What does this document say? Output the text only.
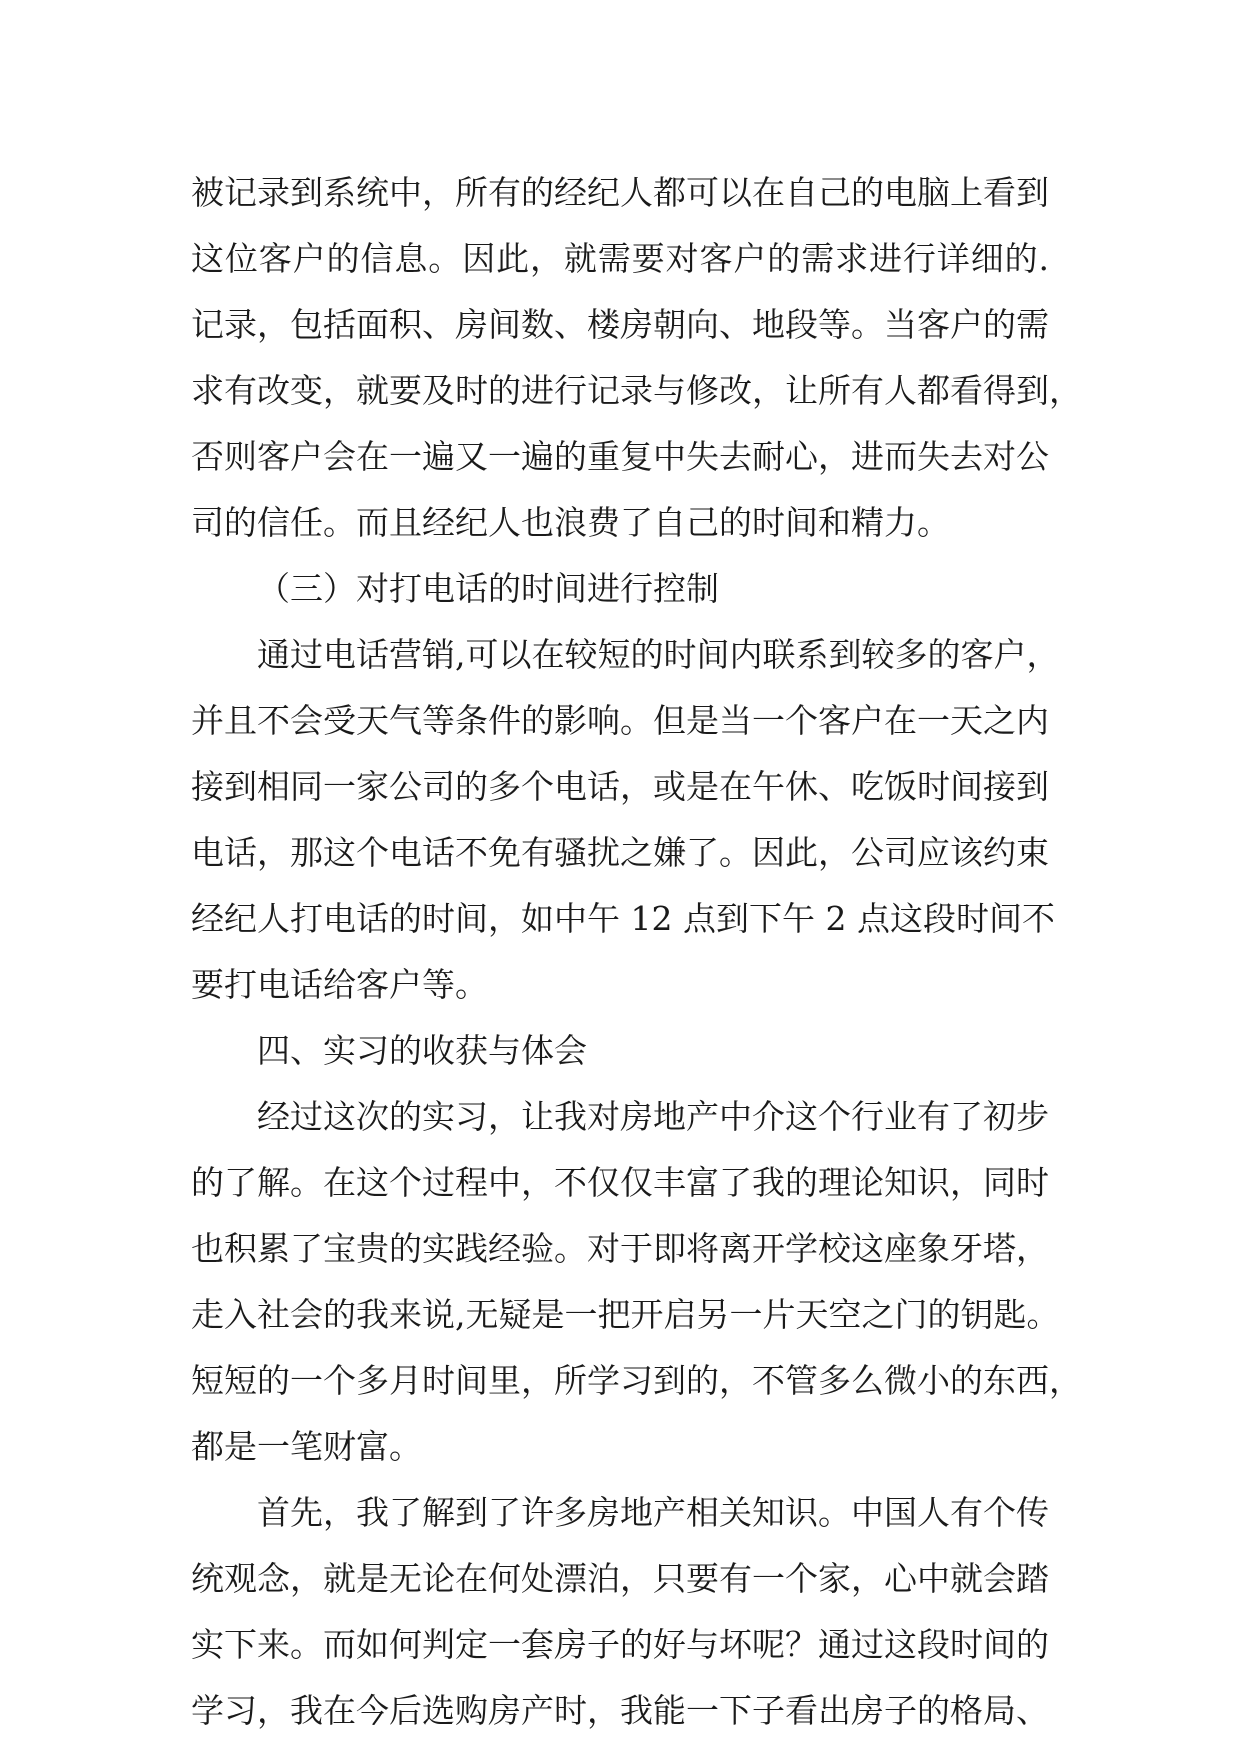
被记录到系统中，所有的经纪人都可以在自己的电脑上看到
这位客户的信息。因此，就需要对客户的需求进行详细的.
记录，包括面积、房间数、楼房朝向、地段等。当客户的需
求有改变，就要及时的进行记录与修改，让所有人都看得到，
否则客户会在一遍又一遍的重复中失去耐心，进而失去对公
司的信任。而且经纪人也浪费了自己的时间和精力。
（三）对打电话的时间进行控制
通过电话营销,可以在较短的时间内联系到较多的客户，
并且不会受天气等条件的影响。但是当一个客户在一天之内
接到相同一家公司的多个电话，或是在午休、吃饭时间接到
电话，那这个电话不免有骚扰之嫌了。因此，公司应该约束
经纪人打电话的时间，如中午 12 点到下午 2 点这段时间不
要打电话给客户等。
四、实习的收获与体会
经过这次的实习，让我对房地产中介这个行业有了初步
的了解。在这个过程中，不仅仅丰富了我的理论知识，同时
也积累了宝贵的实践经验。对于即将离开学校这座象牙塔，
走入社会的我来说,无疑是一把开启另一片天空之门的钥匙。
短短的一个多月时间里，所学习到的，不管多么微小的东西，
都是一笔财富。
首先，我了解到了许多房地产相关知识。中国人有个传
统观念，就是无论在何处漂泊，只要有一个家，心中就会踏
实下来。而如何判定一套房子的好与坏呢？通过这段时间的
学习，我在今后选购房产时，我能一下子看出房子的格局、
